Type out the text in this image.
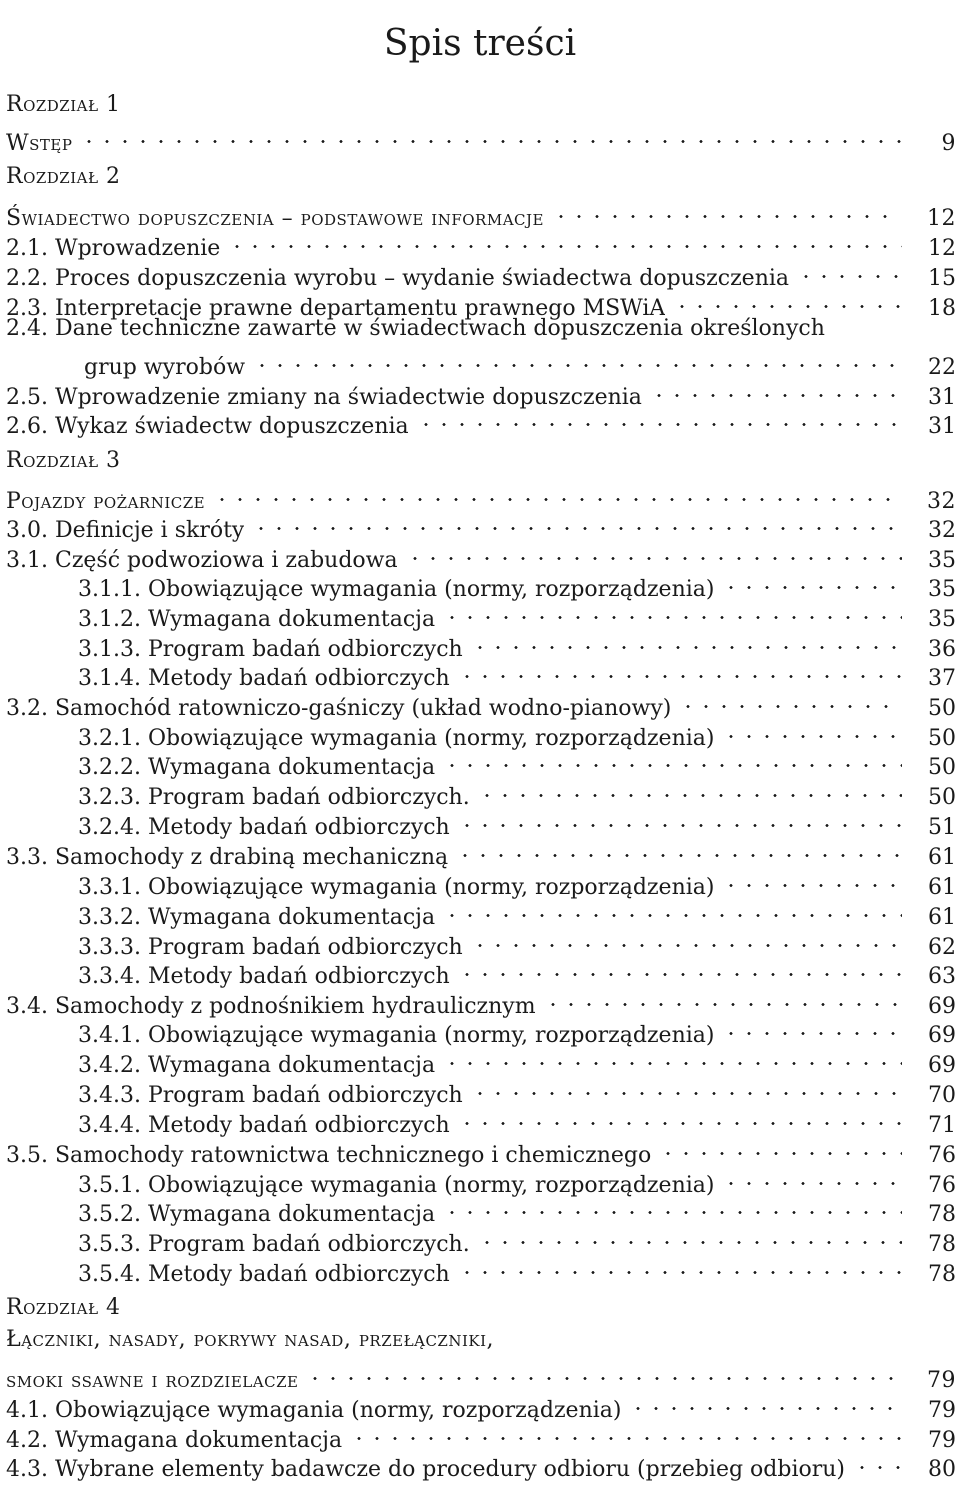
Spis treści
Rozdział 1
Wstęp	9
Rozdział 2
Świadectwo dopuszczenia – podstawowe informacje	12
2.1. Wprowadzenie	12
2.2. Proces dopuszczenia wyrobu – wydanie świadectwa dopuszczenia	15
2.3. Interpretacje prawne departamentu prawnego MSWiA	18
2.4. Dane techniczne zawarte w świadectwach dopuszczenia określonych
grup wyrobów	22
2.5. Wprowadzenie zmiany na świadectwie dopuszczenia	31
2.6. Wykaz świadectw dopuszczenia	31
Rozdział 3
Pojazdy pożarnicze	32
3.0. Definicje i skróty	32
3.1. Część podwoziowa i zabudowa	35
3.1.1. Obowiązujące wymagania (normy, rozporządzenia)	35
3.1.2. Wymagana dokumentacja	35
3.1.3. Program badań odbiorczych	36
3.1.4. Metody badań odbiorczych	37
3.2. Samochód ratowniczo-gaśniczy (układ wodno-pianowy)	50
3.2.1. Obowiązujące wymagania (normy, rozporządzenia)	50
3.2.2. Wymagana dokumentacja	50
3.2.3. Program badań odbiorczych.	50
3.2.4. Metody badań odbiorczych	51
3.3. Samochody z drabiną mechaniczną	61
3.3.1. Obowiązujące wymagania (normy, rozporządzenia)	61
3.3.2. Wymagana dokumentacja	61
3.3.3. Program badań odbiorczych	62
3.3.4. Metody badań odbiorczych	63
3.4. Samochody z podnośnikiem hydraulicznym	69
3.4.1. Obowiązujące wymagania (normy, rozporządzenia)	69
3.4.2. Wymagana dokumentacja	69
3.4.3. Program badań odbiorczych	70
3.4.4. Metody badań odbiorczych	71
3.5. Samochody ratownictwa technicznego i chemicznego	76
3.5.1. Obowiązujące wymagania (normy, rozporządzenia)	76
3.5.2. Wymagana dokumentacja	78
3.5.3. Program badań odbiorczych.	78
3.5.4. Metody badań odbiorczych	78
Rozdział 4
Łączniki, nasady, pokrywy nasad, przełączniki,
smoki ssawne i rozdzielacze	79
4.1. Obowiązujące wymagania (normy, rozporządzenia)	79
4.2. Wymagana dokumentacja	79
4.3. Wybrane elementy badawcze do procedury odbioru (przebieg odbioru)	80
